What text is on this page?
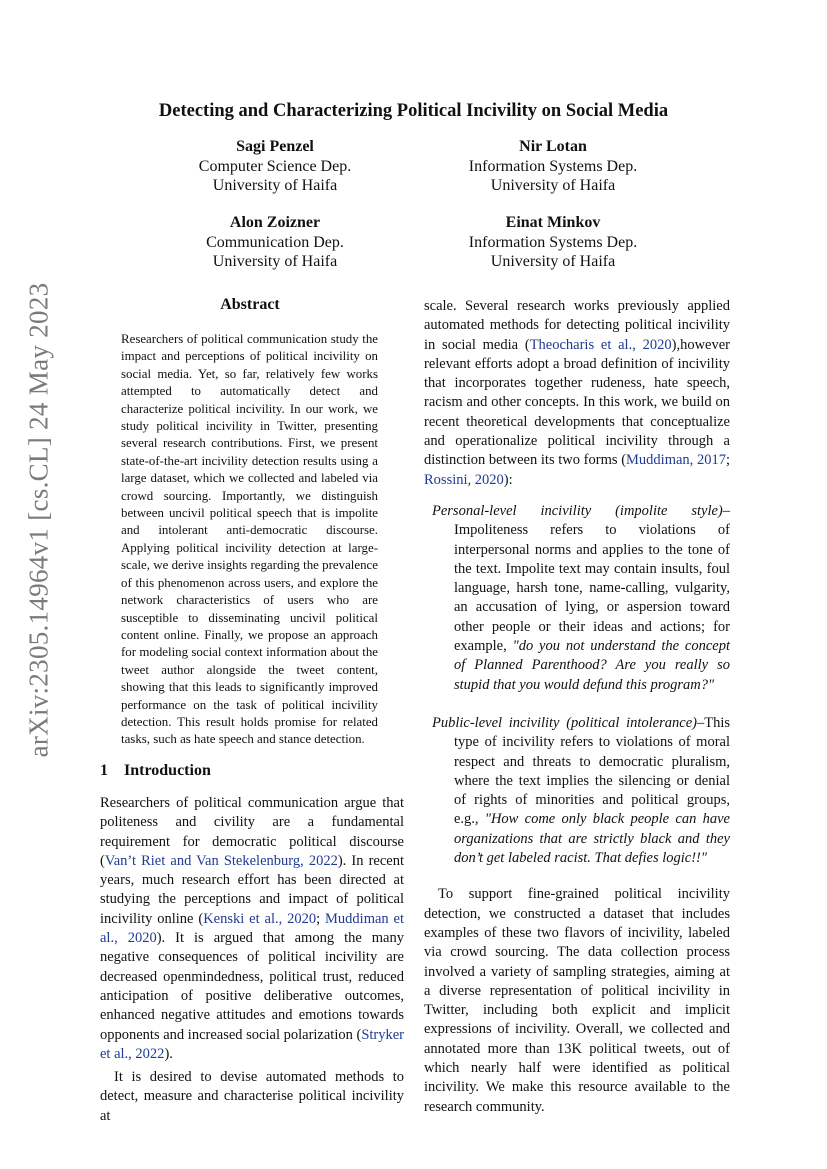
arXiv:2305.14964v1 [cs.CL] 24 May 2023
Detecting and Characterizing Political Incivility on Social Media
Sagi Penzel
Computer Science Dep.
University of Haifa
Nir Lotan
Information Systems Dep.
University of Haifa
Alon Zoizner
Communication Dep.
University of Haifa
Einat Minkov
Information Systems Dep.
University of Haifa
Abstract
Researchers of political communication study the impact and perceptions of political incivility on social media. Yet, so far, relatively few works attempted to automatically detect and characterize political incivility. In our work, we study political incivility in Twitter, presenting several research contributions. First, we present state-of-the-art incivility detection results using a large dataset, which we collected and labeled via crowd sourcing. Importantly, we distinguish between uncivil political speech that is impolite and intolerant anti-democratic discourse. Applying political incivility detection at large-scale, we derive insights regarding the prevalence of this phenomenon across users, and explore the network characteristics of users who are susceptible to disseminating uncivil political content online. Finally, we propose an approach for modeling social context information about the tweet author alongside the tweet content, showing that this leads to significantly improved performance on the task of political incivility detection. This result holds promise for related tasks, such as hate speech and stance detection.
1 Introduction

Researchers of political communication argue that politeness and civility are a fundamental requirement for democratic political discourse (Van’t Riet and Van Stekelenburg, 2022). In recent years, much research effort has been directed at studying the perceptions and impact of political incivility online (Kenski et al., 2020; Muddiman et al., 2020). It is argued that among the many negative consequences of political incivility are decreased openmindedness, political trust, reduced anticipation of positive deliberative outcomes, enhanced negative attitudes and emotions towards opponents and increased social polarization (Stryker et al., 2022).

It is desired to devise automated methods to detect, measure and characterise political incivility at

scale. Several research works previously applied automated methods for detecting political incivility in social media (Theocharis et al., 2020),however relevant efforts adopt a broad definition of incivility that incorporates together rudeness, hate speech, racism and other concepts. In this work, we build on recent theoretical developments that conceptualize and operationalize political incivility through a distinction between its two forms (Muddiman, 2017; Rossini, 2020):

Personal-level incivility (impolite style)–Impoliteness refers to violations of interpersonal norms and applies to the tone of the text. Impolite text may contain insults, foul language, harsh tone, name-calling, vulgarity, an accusation of lying, or aspersion toward other people or their ideas and actions; for example, "do you not understand the concept of Planned Parenthood? Are you really so stupid that you would defund this program?"

Public-level incivility (political intolerance)–This type of incivility refers to violations of moral respect and threats to democratic pluralism, where the text implies the silencing or denial of rights of minorities and political groups, e.g., "How come only black people can have organizations that are strictly black and they don’t get labeled racist. That defies logic!!"

To support fine-grained political incivility detection, we constructed a dataset that includes examples of these two flavors of incivility, labeled via crowd sourcing. The data collection process involved a variety of sampling strategies, aiming at a diverse representation of political incivility in Twitter, including both explicit and implicit expressions of incivility. Overall, we collected and annotated more than 13K political tweets, out of which nearly half were identified as political incivility. We make this resource available to the research community.
